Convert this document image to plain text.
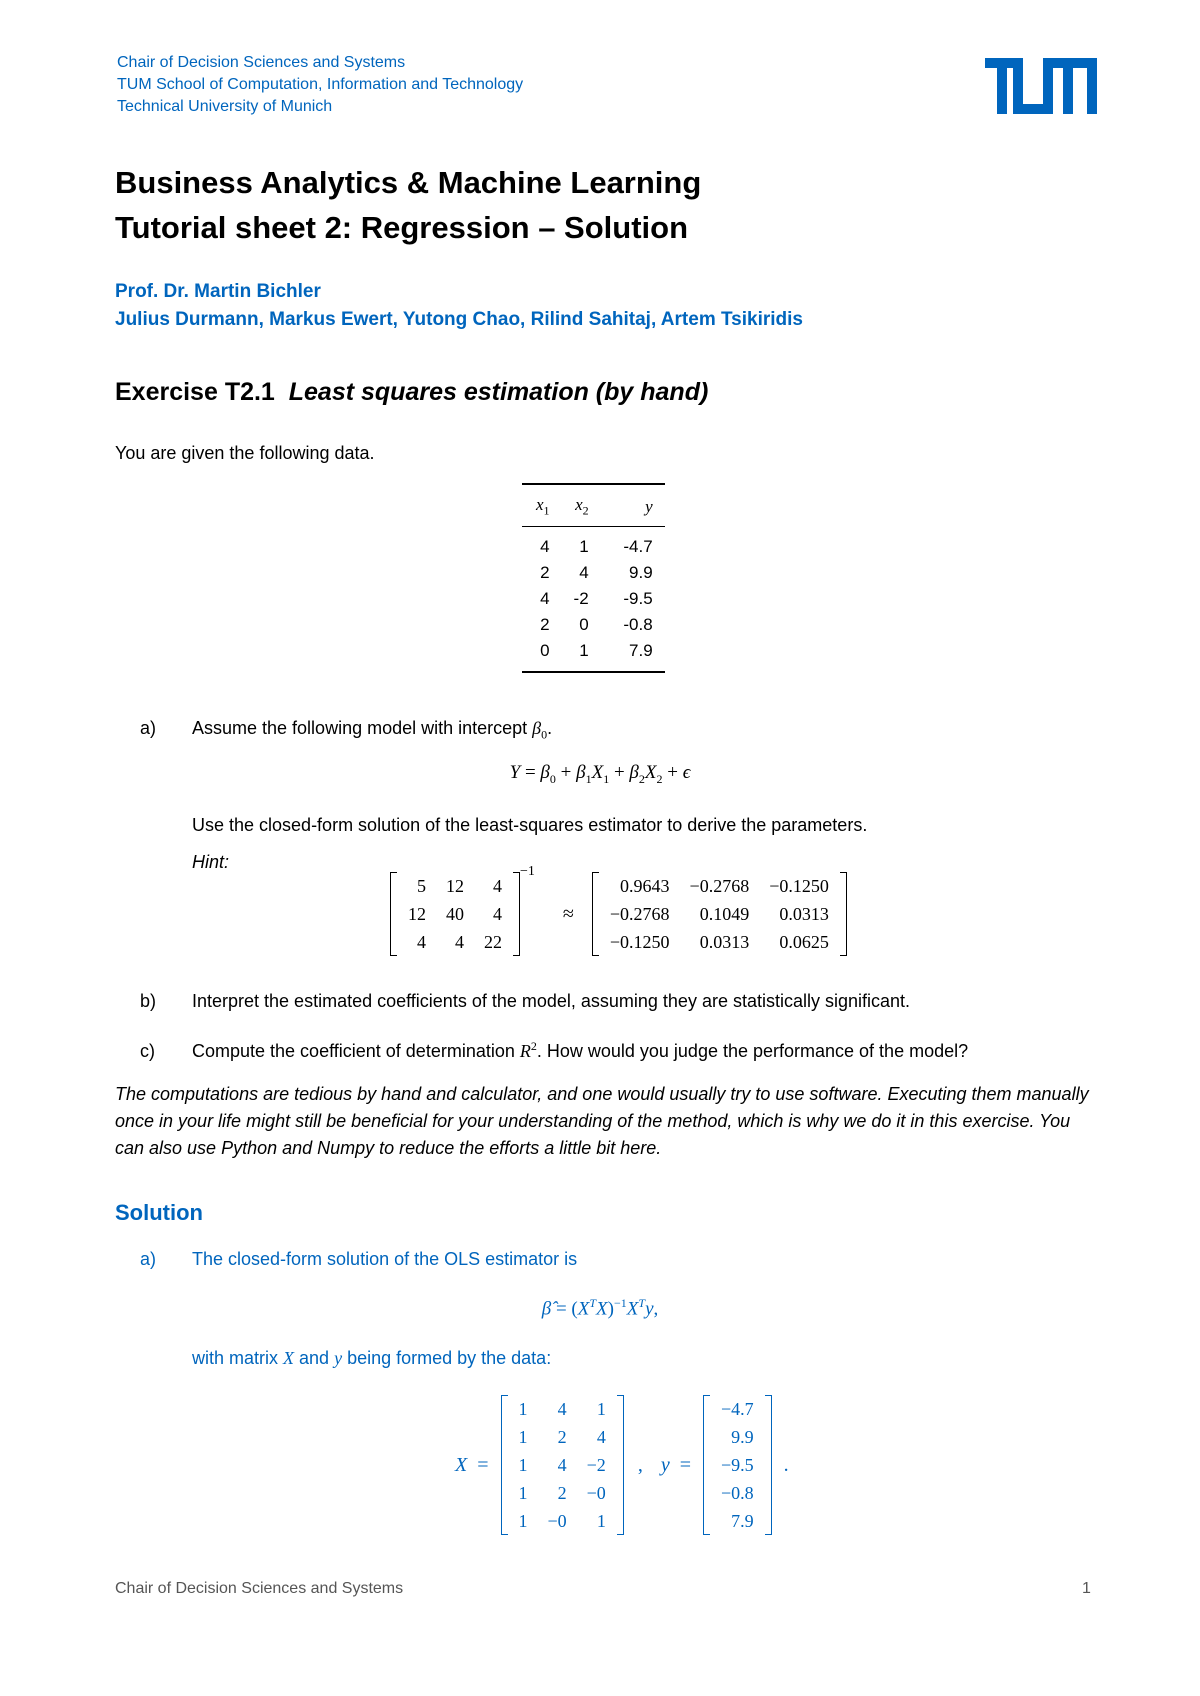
Chair of Decision Sciences and Systems
TUM School of Computation, Information and Technology
Technical University of Munich
Business Analytics & Machine Learning
Tutorial sheet 2: Regression – Solution
Prof. Dr. Martin Bichler
Julius Durmann, Markus Ewert, Yutong Chao, Rilind Sahitaj, Artem Tsikiridis
Exercise T2.1 Least squares estimation (by hand)
You are given the following data.
$x_1$	$x_2$	y
4	1	-4.7
2	4	9.9
4	-2	-9.5
2	0	-0.8
0	1	7.9
a) Assume the following model with intercept $\beta_0$.
$Y = \beta_0 + \beta_1X_1 + \beta_2X_2 + \epsilon$
Use the closed-form solution of the least-squares estimator to derive the parameters.
Hint:
5	12	4
12	40	4
4	4	22
−1
≈
0.9643	−0.2768	−0.1250
−0.2768	0.1049	0.0313
−0.1250	0.0313	0.0625
b) Interpret the estimated coefficients of the model, assuming they are statistically significant.
c) Compute the coefficient of determination $R^2$. How would you judge the performance of the model?
The computations are tedious by hand and calculator, and one would usually try to use software. Executing them manually once in your life might still be beneficial for your understanding of the method, which is why we do it in this exercise. You can also use Python and Numpy to reduce the efforts a little bit here.
Solution
a) The closed-form solution of the OLS estimator is
β̂ = $(X^TX)^{-1}X^Ty$,
with matrix X and y being formed by the data:
X =
1	4	1
1	2	4
1	4	−2
1	2	−0
1	−0	1
, y =
−4.7
9.9
−9.5
−0.8
7.9
.
Chair of Decision Sciences and Systems	1
